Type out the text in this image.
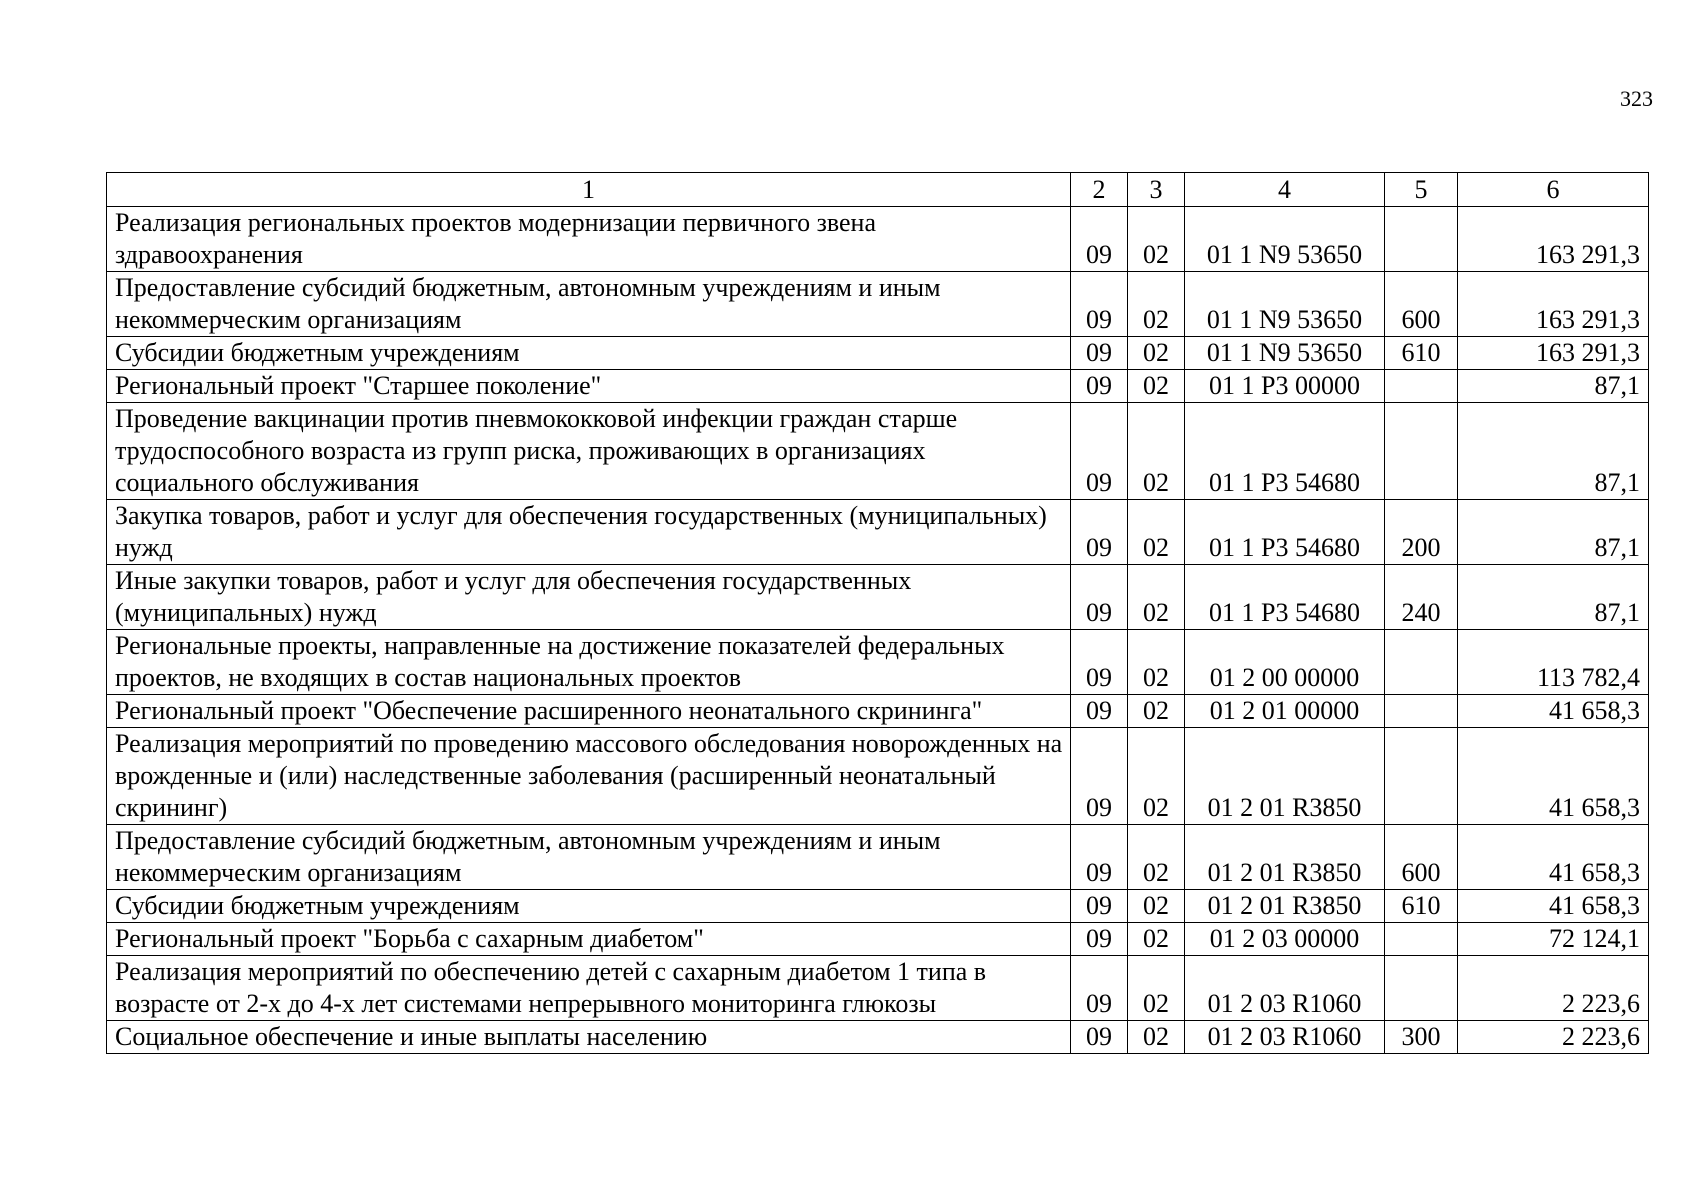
323
1	2	3	4	5	6
Реализация региональных проектов модернизации первичного звена здравоохранения	09	02	01 1 N9 53650		163 291,3
Предоставление субсидий бюджетным, автономным учреждениям и иным некоммерческим организациям	09	02	01 1 N9 53650	600	163 291,3
Субсидии бюджетным учреждениям	09	02	01 1 N9 53650	610	163 291,3
Региональный проект "Старшее поколение"	09	02	01 1 P3 00000		87,1
Проведение вакцинации против пневмококковой инфекции граждан старше трудоспособного возраста из групп риска, проживающих в организациях социального обслуживания	09	02	01 1 P3 54680		87,1
Закупка товаров, работ и услуг для обеспечения государственных (муниципальных) нужд	09	02	01 1 P3 54680	200	87,1
Иные закупки товаров, работ и услуг для обеспечения государственных (муниципальных) нужд	09	02	01 1 P3 54680	240	87,1
Региональные проекты, направленные на достижение показателей федеральных проектов, не входящих в состав национальных проектов	09	02	01 2 00 00000		113 782,4
Региональный проект "Обеспечение расширенного неонатального скрининга"	09	02	01 2 01 00000		41 658,3
Реализация мероприятий по проведению массового обследования новорожденных на врожденные и (или) наследственные заболевания (расширенный неонатальный скрининг)	09	02	01 2 01 R3850		41 658,3
Предоставление субсидий бюджетным, автономным учреждениям и иным некоммерческим организациям	09	02	01 2 01 R3850	600	41 658,3
Субсидии бюджетным учреждениям	09	02	01 2 01 R3850	610	41 658,3
Региональный проект "Борьба с сахарным диабетом"	09	02	01 2 03 00000		72 124,1
Реализация мероприятий по обеспечению детей с сахарным диабетом 1 типа в возрасте от 2-х до 4-х лет системами непрерывного мониторинга глюкозы	09	02	01 2 03 R1060		2 223,6
Социальное обеспечение и иные выплаты населению	09	02	01 2 03 R1060	300	2 223,6
